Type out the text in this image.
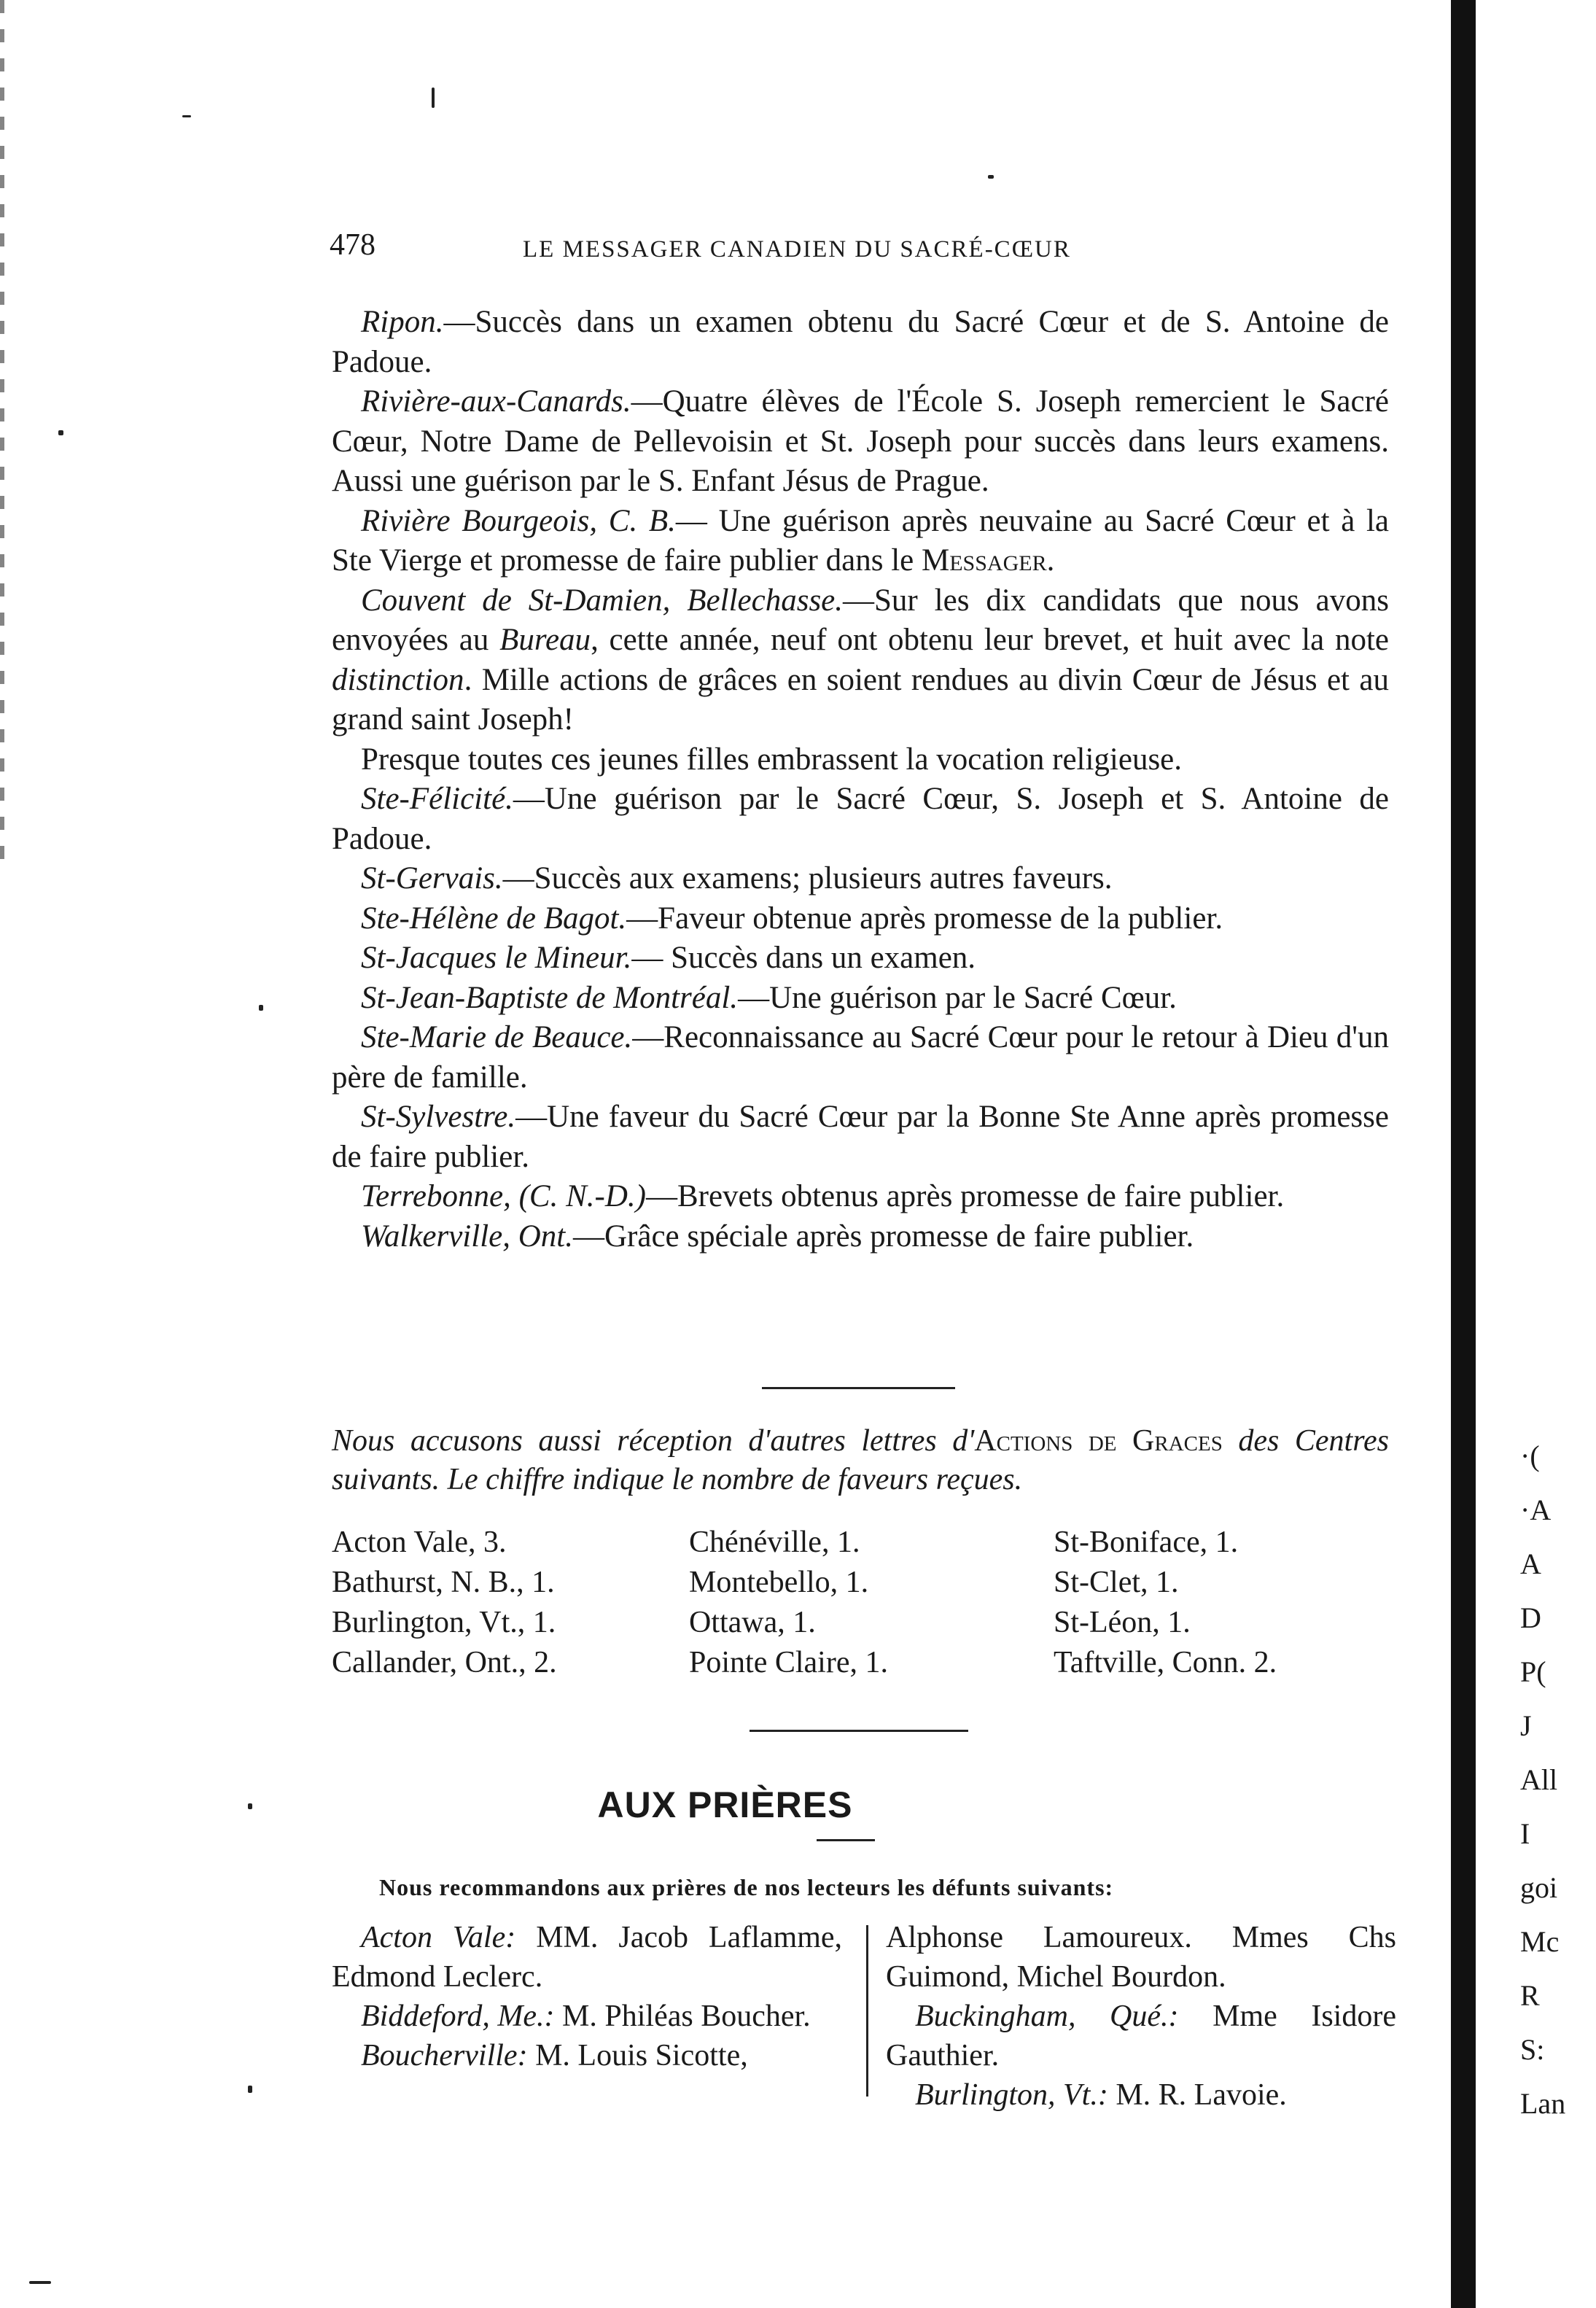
478	LE MESSAGER CANADIEN DU SACRÉ-CŒUR

Ripon.—Succès dans un examen obtenu du Sacré Cœur et de S. Antoine de Padoue.

Rivière-aux-Canards.—Quatre élèves de l'École S. Joseph remercient le Sacré Cœur, Notre Dame de Pellevoisin et St. Joseph pour succès dans leurs examens. Aussi une guérison par le S. Enfant Jésus de Prague.

Rivière Bourgeois, C. B.— Une guérison après neuvaine au Sacré Cœur et à la Ste Vierge et promesse de faire publier dans le Messager.

Couvent de St-Damien, Bellechasse.—Sur les dix candidats que nous avons envoyées au Bureau, cette année, neuf ont obtenu leur brevet, et huit avec la note distinction. Mille actions de grâces en soient rendues au divin Cœur de Jésus et au grand saint Joseph!

Presque toutes ces jeunes filles embrassent la vocation religieuse.

Ste-Félicité.—Une guérison par le Sacré Cœur, S. Joseph et S. Antoine de Padoue.

St-Gervais.—Succès aux examens; plusieurs autres faveurs.

Ste-Hélène de Bagot.—Faveur obtenue après promesse de la publier.

St-Jacques le Mineur.— Succès dans un examen.

St-Jean-Baptiste de Montréal.—Une guérison par le Sacré Cœur.

Ste-Marie de Beauce.—Reconnaissance au Sacré Cœur pour le retour à Dieu d'un père de famille.

St-Sylvestre.—Une faveur du Sacré Cœur par la Bonne Ste Anne après promesse de faire publier.

Terrebonne, (C. N.-D.)—Brevets obtenus après promesse de faire publier.

Walkerville, Ont.—Grâce spéciale après promesse de faire publier.

Nous accusons aussi réception d'autres lettres d'Actions de Graces des Centres suivants. Le chiffre indique le nombre de faveurs reçues.
Acton Vale, 3.
Bathurst, N. B., 1.
Burlington, Vt., 1.
Callander, Ont., 2.
Chénéville, 1.
Montebello, 1.
Ottawa, 1.
Pointe Claire, 1.
St-Boniface, 1.
St-Clet, 1.
St-Léon, 1.
Taftville, Conn. 2.
AUX PRIÈRES
Nous recommandons aux prières de nos lecteurs les défunts suivants:

Acton Vale: MM. Jacob Laflamme, Edmond Leclerc.

Biddeford, Me.: M. Philéas Boucher.

Boucherville: M. Louis Sicotte,

Alphonse Lamoureux. Mmes Chs Guimond, Michel Bourdon.

Buckingham, Qué.: Mme Isidore Gauthier.

Burlington, Vt.: M. R. Lavoie.

·(
·A
A
D
P(
J
All
I
goi
Mc
R
S:
Lan
